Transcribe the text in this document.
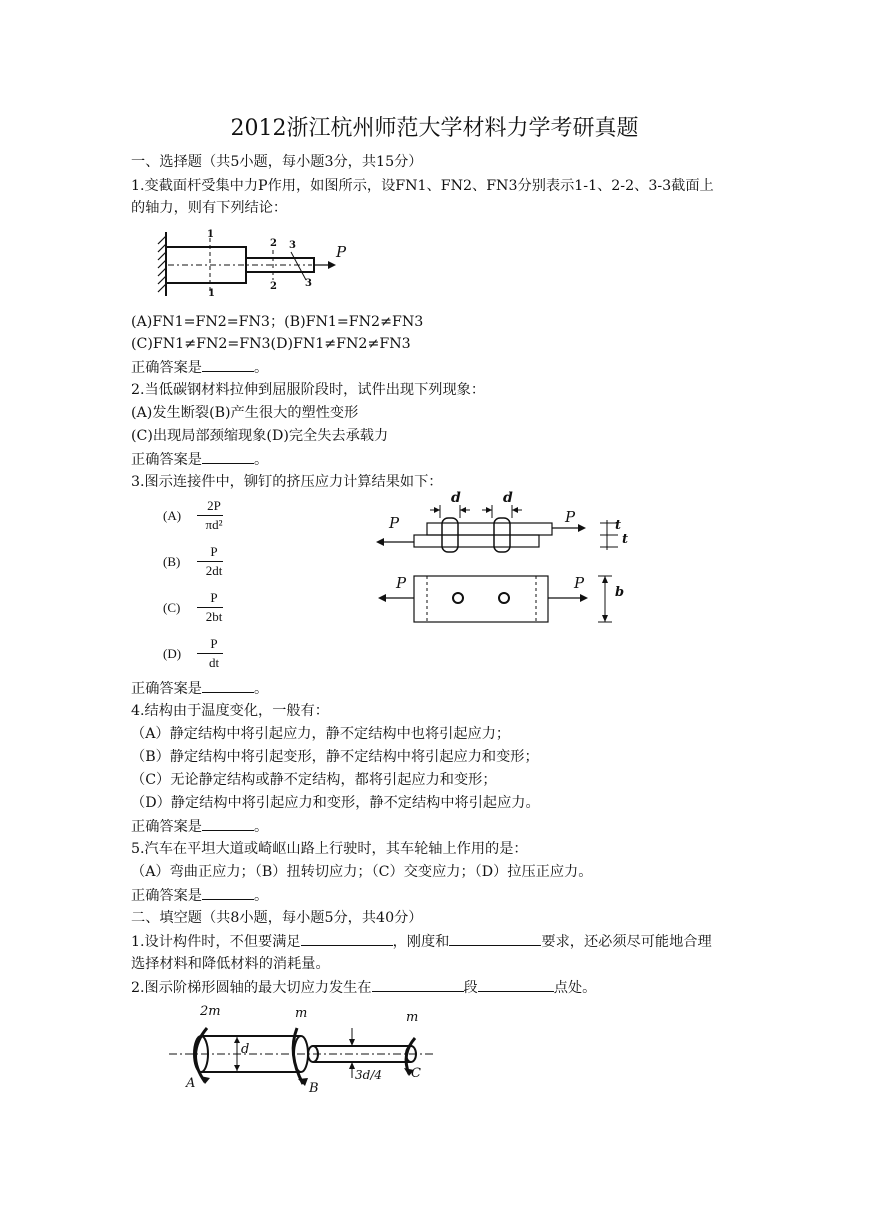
2012浙江杭州师范大学材料力学考研真题
一、选择题（共5小题，每小题3分，共15分）
1.变截面杆受集中力P作用，如图所示，设FN1、FN2、FN3分别表示1-1、2-2、3-3截面上
的轴力，则有下列结论：
1
1
2
2
3
3
P
(A)FN1=FN2=FN3；(B)FN1=FN2≠FN3
(C)FN1≠FN2=FN3(D)FN1≠FN2≠FN3
正确答案是	。
2.当低碳钢材料拉伸到屈服阶段时，试件出现下列现象：
(A)发生断裂(B)产生很大的塑性变形
(C)出现局部颈缩现象(D)完全失去承载力
正确答案是	。
3.图示连接件中，铆钉的挤压应力计算结果如下：
(A)
2P
πd²
(B)
P
2dt
(C)
P
2bt
(D)
P
dt
d	d
P	P	t
t
P	P
b
正确答案是	。
4.结构由于温度变化，一般有：
（A）静定结构中将引起应力，静不定结构中也将引起应力；
（B）静定结构中将引起变形，静不定结构中将引起应力和变形；
（C）无论静定结构或静不定结构，都将引起应力和变形；
（D）静定结构中将引起应力和变形，静不定结构中将引起应力。
正确答案是	。
5.汽车在平坦大道或崎岖山路上行驶时，其车轮轴上作用的是：
（A）弯曲正应力；（B）扭转切应力；（C）交变应力；（D）拉压正应力。
正确答案是	。
二、填空题（共8小题，每小题5分，共40分）
1.设计构件时，不但要满足	，刚度和	要求，还必须尽可能地合理
选择材料和降低材料的消耗量。
2.图示阶梯形圆轴的最大切应力发生在	段	点处。
2m	m	m
d
3d/4
A	B
C
